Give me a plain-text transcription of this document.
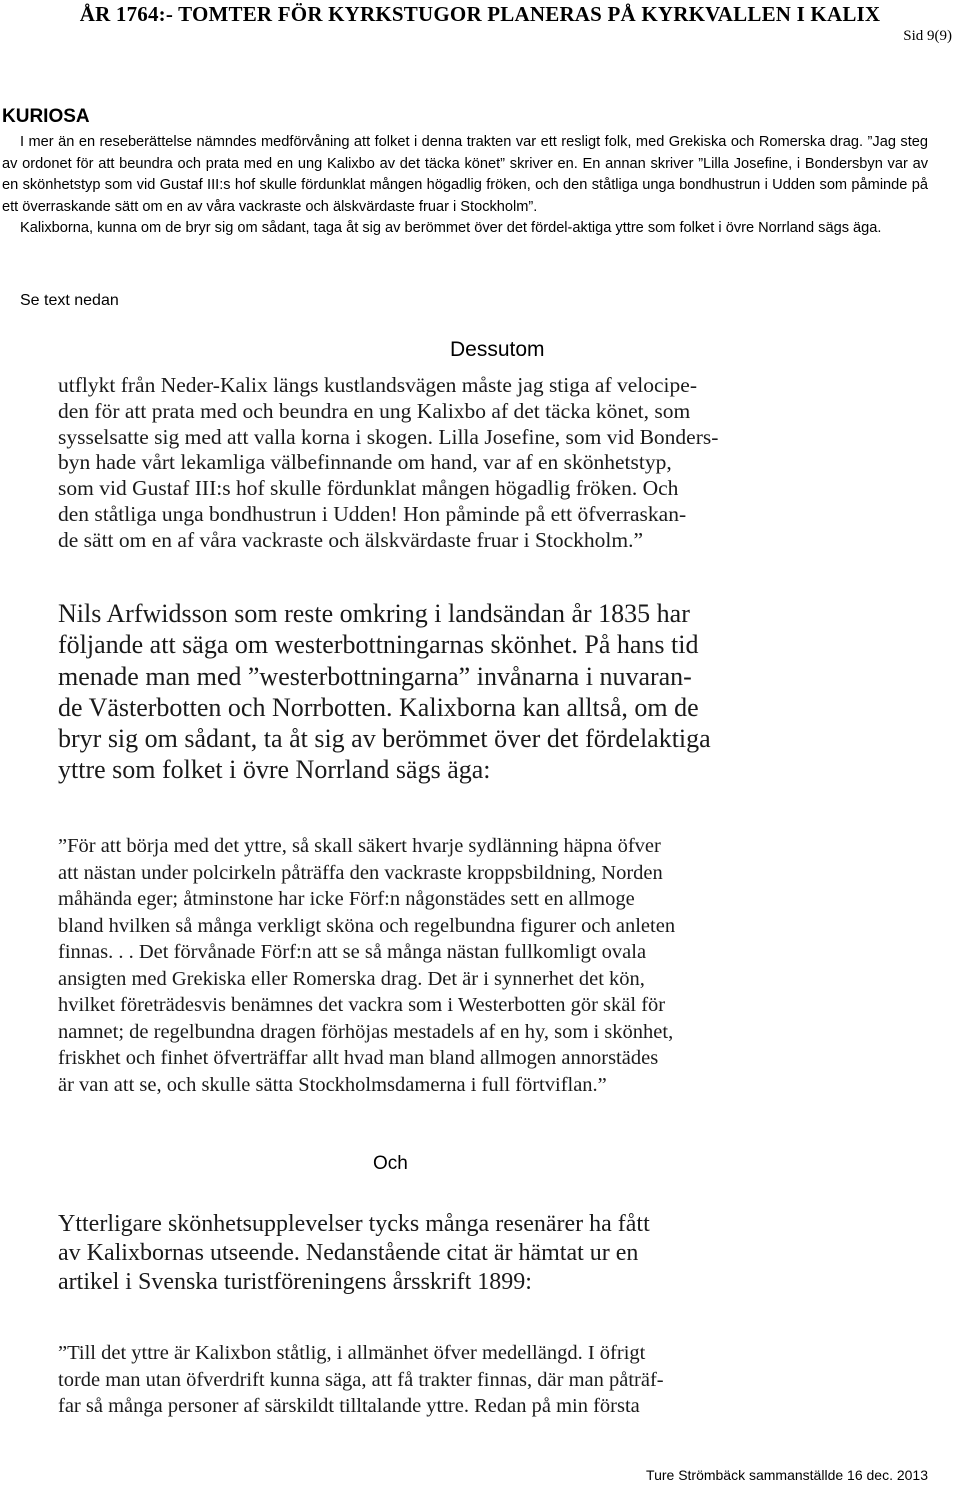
ÅR 1764:- TOMTER FÖR KYRKSTUGOR PLANERAS PÅ KYRKVALLEN I KALIX
Sid 9(9)
KURIOSA

I mer än en reseberättelse nämndes medförvåning att folket i denna trakten var ett resligt folk, med Grekiska och Romerska drag. ”Jag steg av ordonet för att beundra och prata med en ung Kalixbo av det täcka könet” skriver en. En annan skriver ”Lilla Josefine, i Bondersbyn var av en skönhetstyp som vid Gustaf III:s hof skulle fördunklat mången högadlig fröken, och den ståtliga unga bondhustrun i Udden som påminde på ett överraskande sätt om en av våra vackraste och älskvärdaste fruar i Stockholm”.

Kalixborna, kunna om de bryr sig om sådant, taga åt sig av berömmet över det fördel-aktiga yttre som folket i övre Norrland sägs äga.

Se text nedan
Dessutom
utflykt från Neder-Kalix längs kustlandsvägen måste jag stiga af velocipe-
den för att prata med och beundra en ung Kalixbo af det täcka könet, som
sysselsatte sig med att valla korna i skogen. Lilla Josefine, som vid Bonders-
byn hade vårt lekamliga välbefinnande om hand, var af en skönhetstyp,
som vid Gustaf III:s hof skulle fördunklat mången högadlig fröken. Och
den ståtliga unga bondhustrun i Udden! Hon påminde på ett öfverraskan-
de sätt om en af våra vackraste och älskvärdaste fruar i Stockholm.”
Nils Arfwidsson som reste omkring i landsändan år 1835 har
följande att säga om westerbottningarnas skönhet. På hans tid
menade man med ”westerbottningarna” invånarna i nuvaran-
de Västerbotten och Norrbotten. Kalixborna kan alltså, om de
bryr sig om sådant, ta åt sig av berömmet över det fördelaktiga
yttre som folket i övre Norrland sägs äga:
”För att börja med det yttre, så skall säkert hvarje sydlänning häpna öfver
att nästan under polcirkeln påträffa den vackraste kroppsbildning, Norden
måhända eger; åtminstone har icke Förf:n någonstädes sett en allmoge
bland hvilken så många verkligt sköna och regelbundna figurer och anleten
finnas. . . Det förvånade Förf:n att se så många nästan fullkomligt ovala
ansigten med Grekiska eller Romerska drag. Det är i synnerhet det kön,
hvilket företrädesvis benämnes det vackra som i Westerbotten gör skäl för
namnet; de regelbundna dragen förhöjas mestadels af en hy, som i skönhet,
friskhet och finhet öfverträffar allt hvad man bland allmogen annorstädes
är van att se, och skulle sätta Stockholmsdamerna i full förtviflan.”
Och
Ytterligare skönhetsupplevelser tycks många resenärer ha fått
av Kalixbornas utseende. Nedanstående citat är hämtat ur en
artikel i Svenska turistföreningens årsskrift 1899:
”Till det yttre är Kalixbon ståtlig, i allmänhet öfver medellängd. I öfrigt
torde man utan öfverdrift kunna säga, att få trakter finnas, där man påträf-
far så många personer af särskildt tilltalande yttre. Redan på min första
Ture Strömbäck sammanställde 16 dec. 2013
